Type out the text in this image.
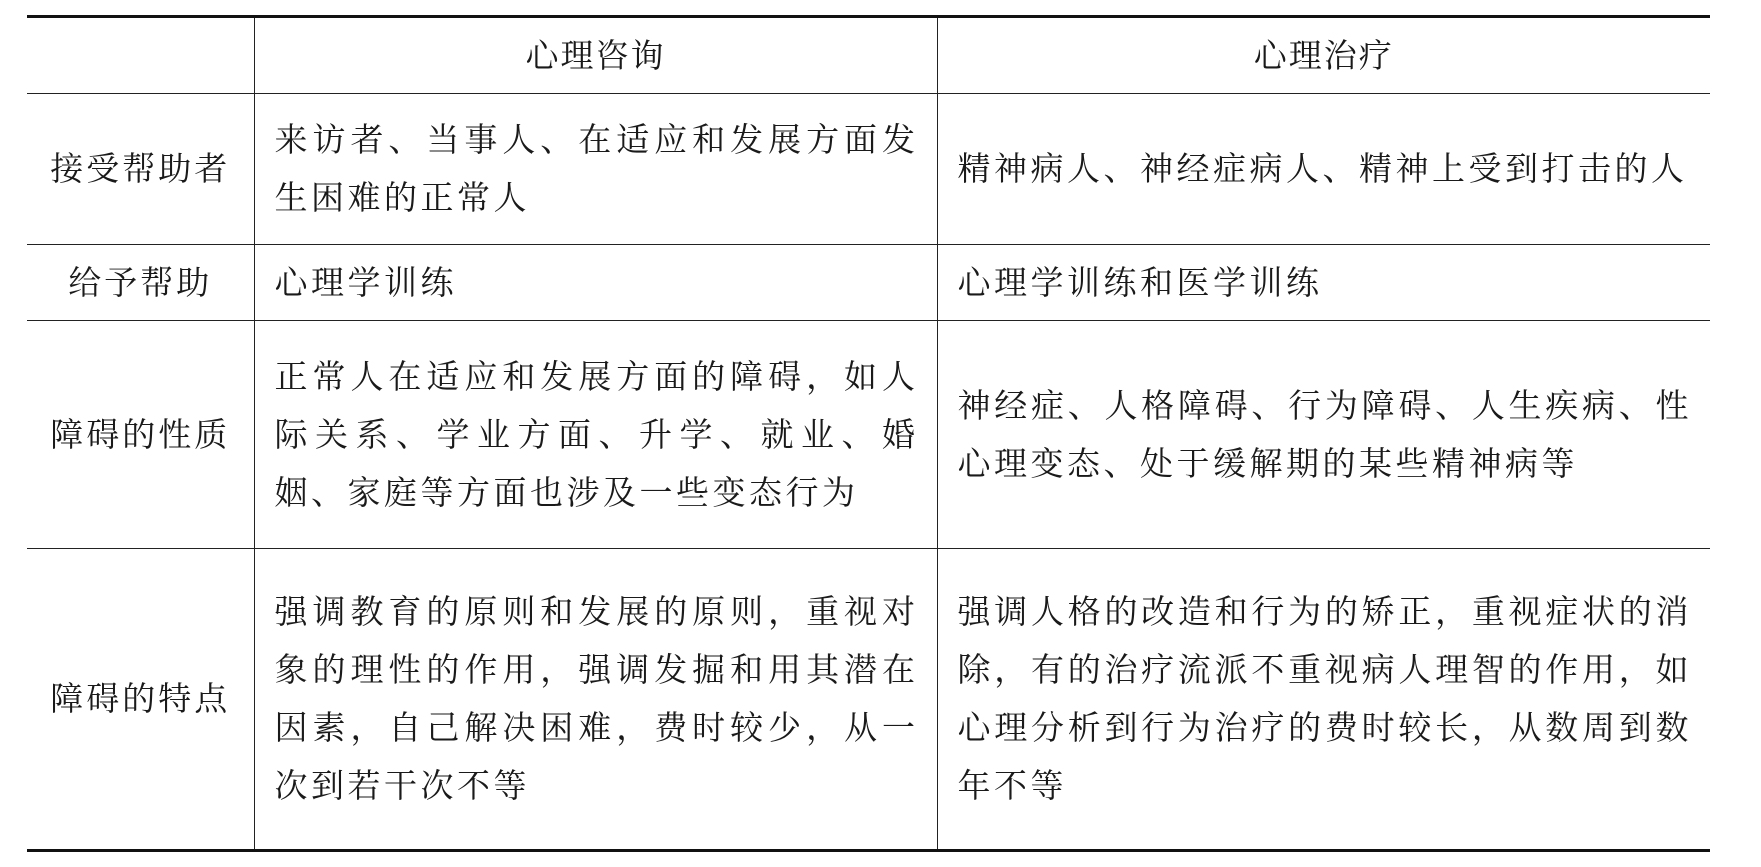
	心理咨询	心理治疗
接受帮助者	来访者、当事人、在适应和发展方面发生困难的正常人	精神病人、神经症病人、精神上受到打击的人
给予帮助	心理学训练	心理学训练和医学训练
障碍的性质	正常人在适应和发展方面的障碍，如人际关系、学业方面、升学、就业、婚姻、家庭等方面也涉及一些变态行为	神经症、人格障碍、行为障碍、人生疾病、性心理变态、处于缓解期的某些精神病等
障碍的特点	强调教育的原则和发展的原则，重视对象的理性的作用，强调发掘和用其潜在因素，自己解决困难，费时较少，从一次到若干次不等	强调人格的改造和行为的矫正，重视症状的消除，有的治疗流派不重视病人理智的作用，如心理分析到行为治疗的费时较长，从数周到数年不等
